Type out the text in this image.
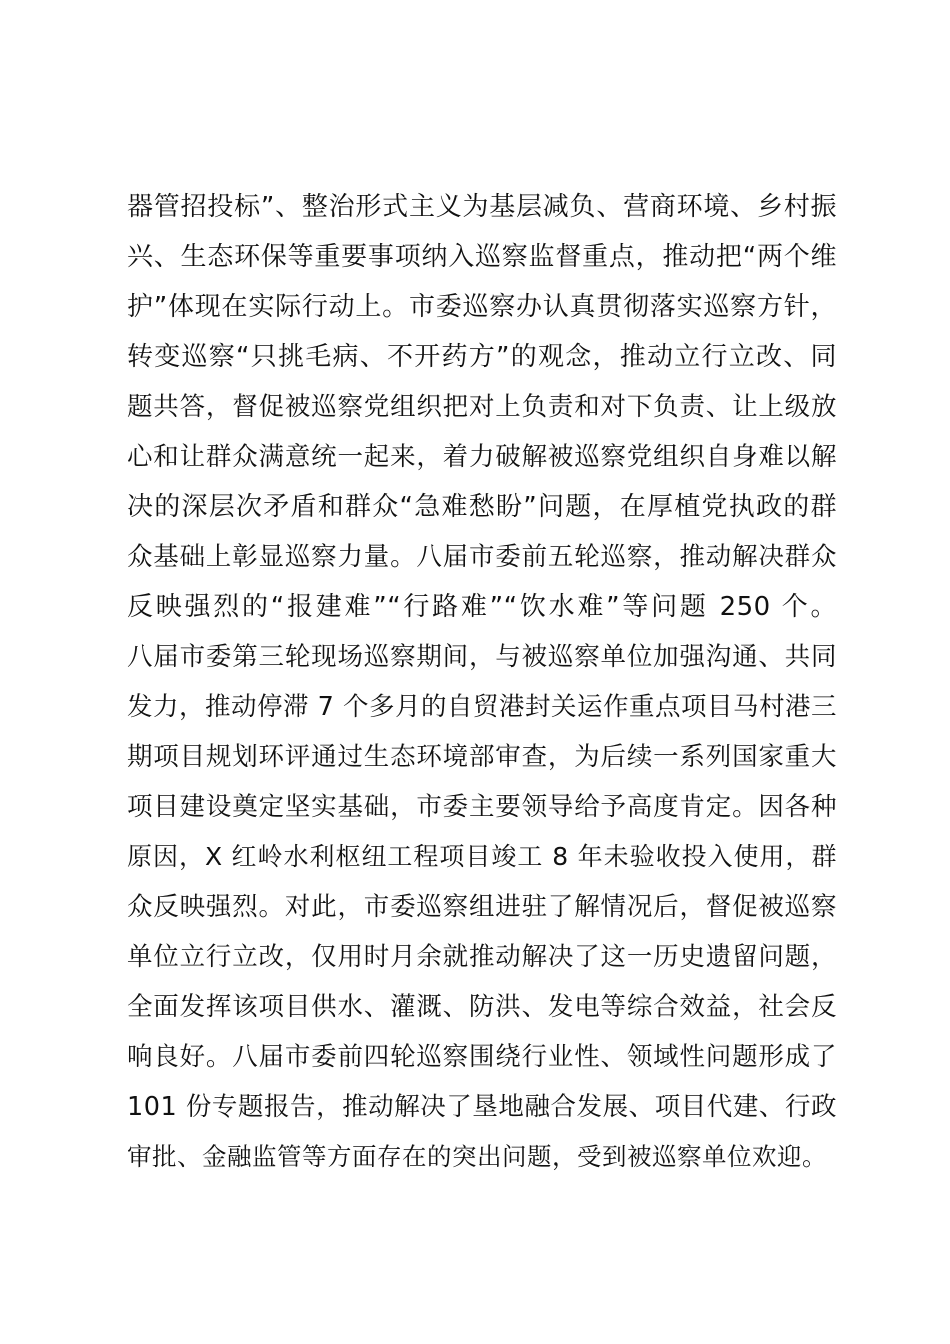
器管招投标”、整治形式主义为基层减负、营商环境、乡村振
兴、生态环保等重要事项纳入巡察监督重点，推动把“两个维
护”体现在实际行动上。市委巡察办认真贯彻落实巡察方针，
转变巡察“只挑毛病、不开药方”的观念，推动立行立改、同
题共答，督促被巡察党组织把对上负责和对下负责、让上级放
心和让群众满意统一起来，着力破解被巡察党组织自身难以解
决的深层次矛盾和群众“急难愁盼”问题，在厚植党执政的群
众基础上彰显巡察力量。八届市委前五轮巡察，推动解决群众
反映强烈的“报建难”“行路难”“饮水难”等问题 250 个。
八届市委第三轮现场巡察期间，与被巡察单位加强沟通、共同
发力，推动停滞 7 个多月的自贸港封关运作重点项目马村港三
期项目规划环评通过生态环境部审查，为后续一系列国家重大
项目建设奠定坚实基础，市委主要领导给予高度肯定。因各种
原因，X 红岭水利枢纽工程项目竣工 8 年未验收投入使用，群
众反映强烈。对此，市委巡察组进驻了解情况后，督促被巡察
单位立行立改，仅用时月余就推动解决了这一历史遗留问题，
全面发挥该项目供水、灌溉、防洪、发电等综合效益，社会反
响良好。八届市委前四轮巡察围绕行业性、领域性问题形成了
101 份专题报告，推动解决了垦地融合发展、项目代建、行政
审批、金融监管等方面存在的突出问题，受到被巡察单位欢迎。
